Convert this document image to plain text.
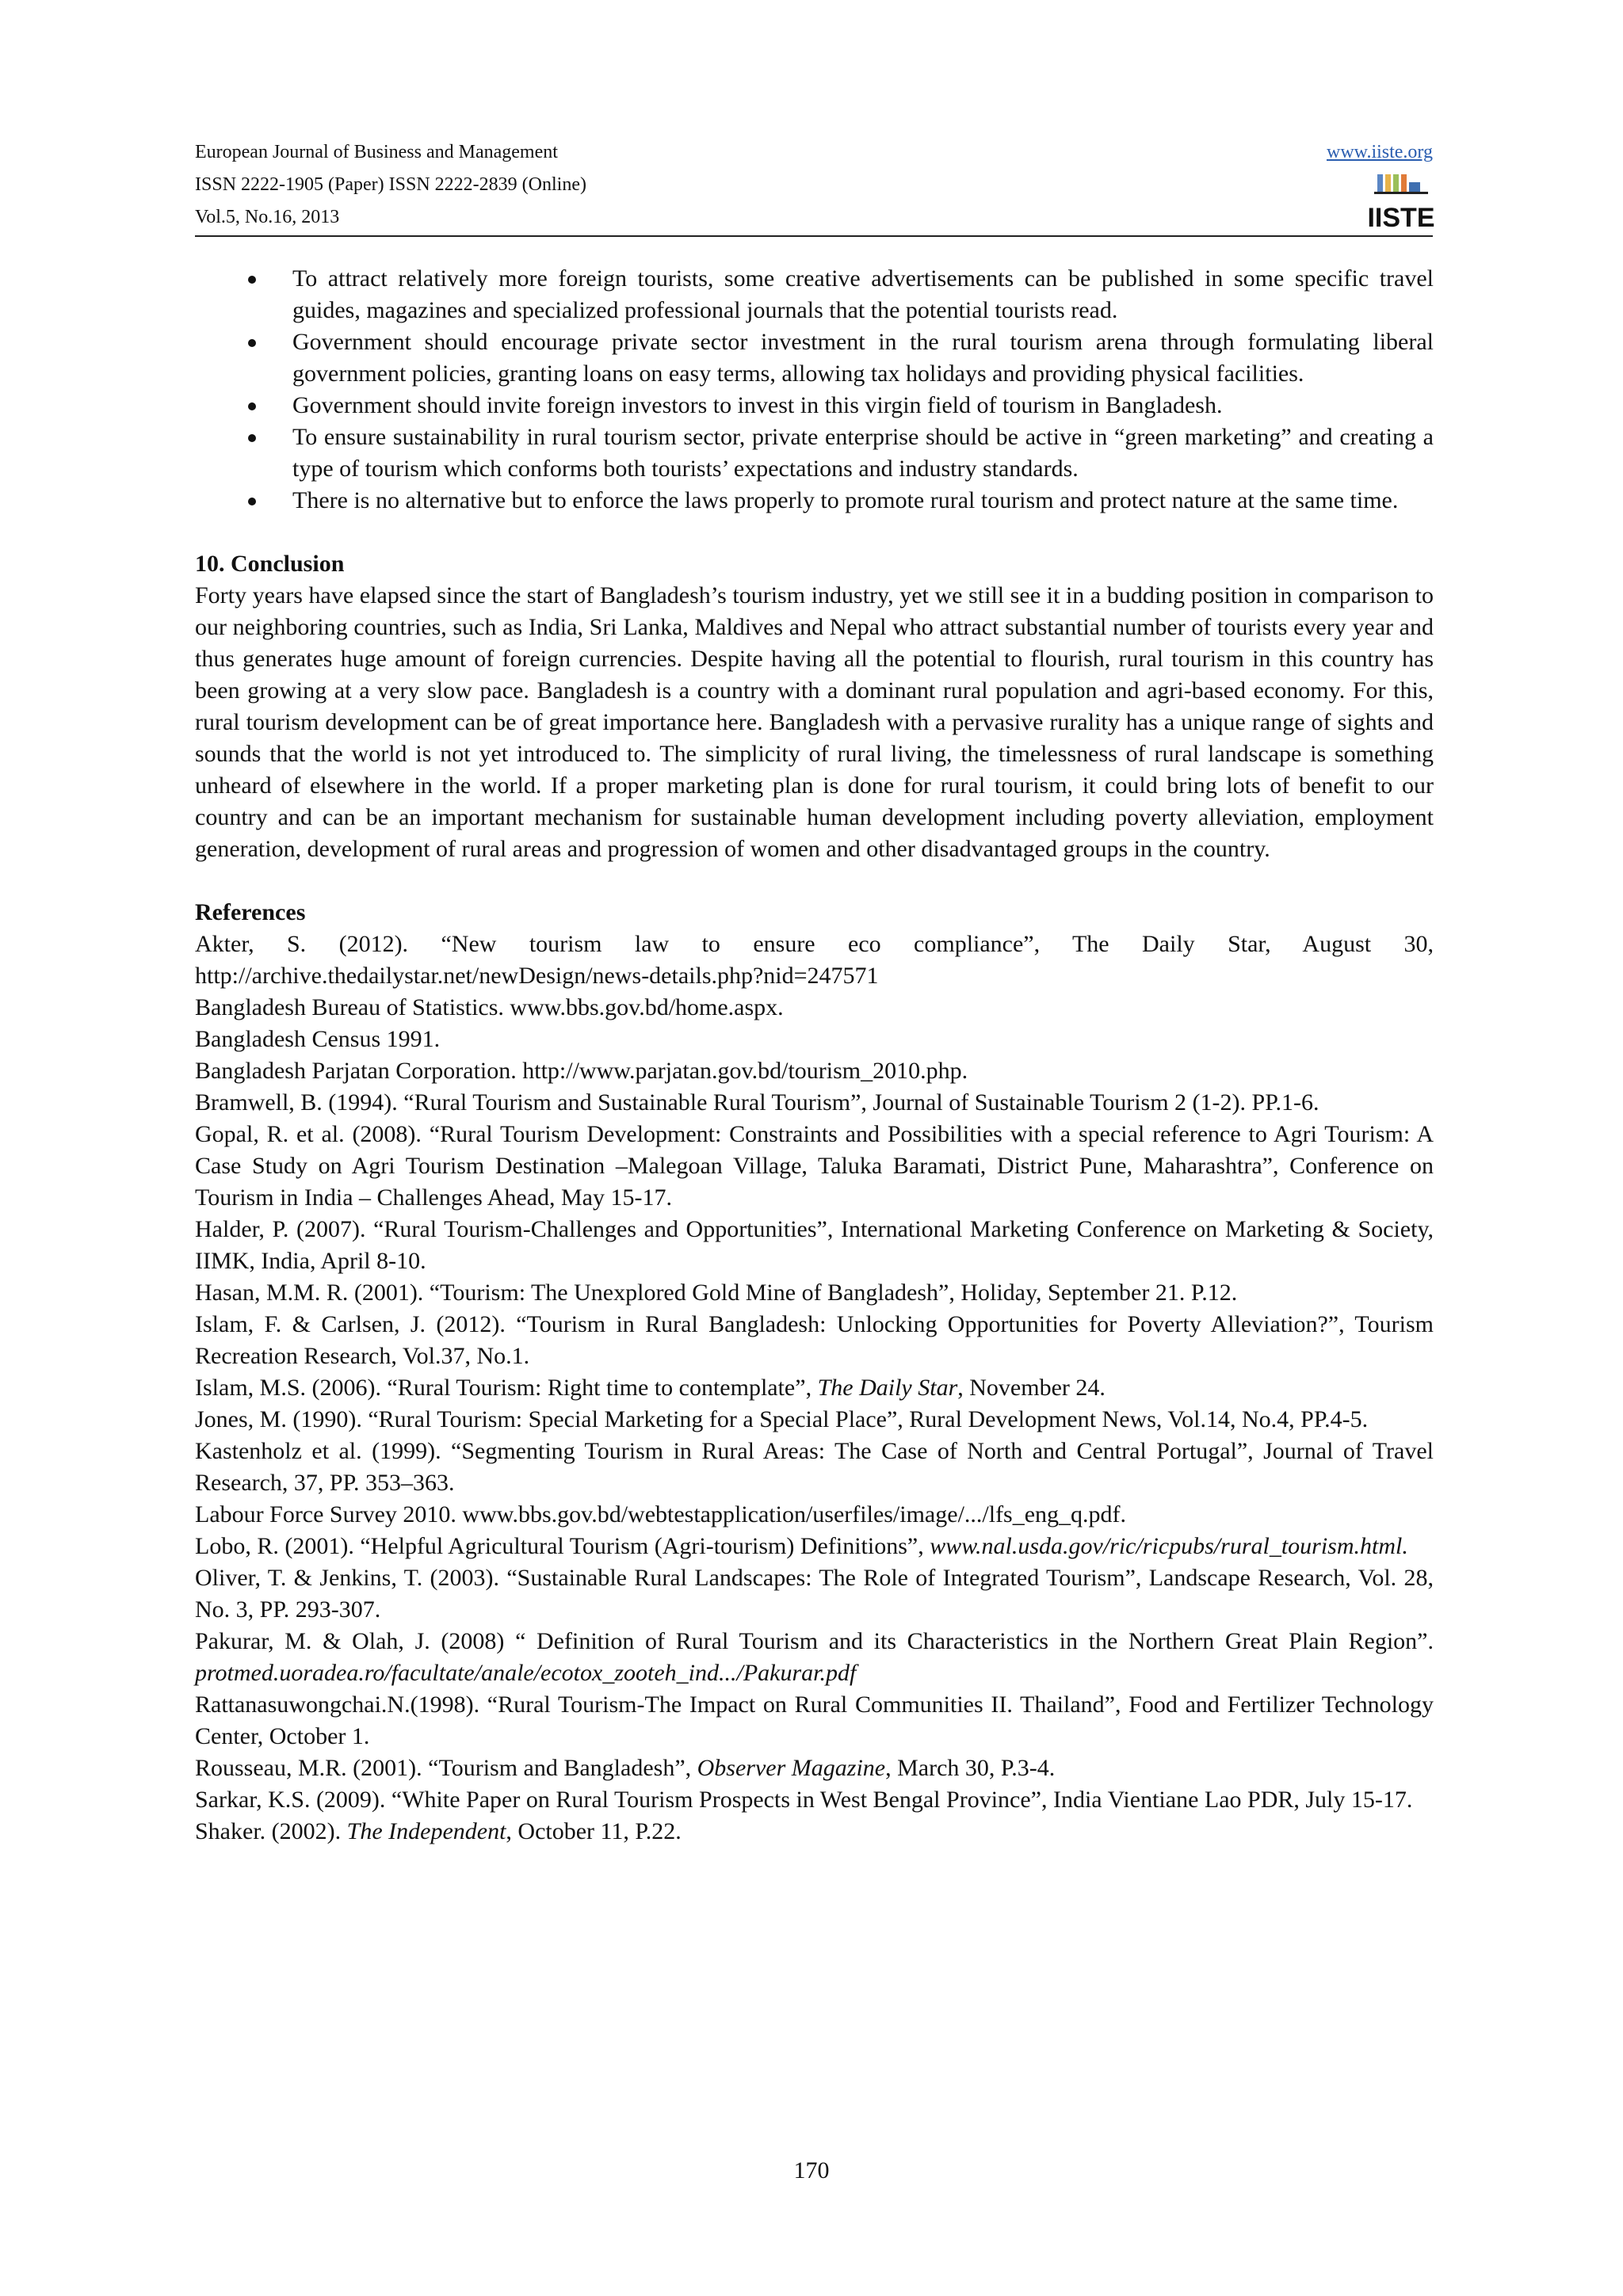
European Journal of Business and Management
ISSN 2222-1905 (Paper) ISSN 2222-2839 (Online)
Vol.5, No.16, 2013
www.iiste.org
IISTE
To attract relatively more foreign tourists, some creative advertisements can be published in some specific travel guides, magazines and specialized professional journals that the potential tourists read.
Government should encourage private sector investment in the rural tourism arena through formulating liberal government policies, granting loans on easy terms, allowing tax holidays and providing physical facilities.
Government should invite foreign investors to invest in this virgin field of tourism in Bangladesh.
To ensure sustainability in rural tourism sector, private enterprise should be active in “green marketing” and creating a type of tourism which conforms both tourists’ expectations and industry standards.
There is no alternative but to enforce the laws properly to promote rural tourism and protect nature at the same time.
10. Conclusion

Forty years have elapsed since the start of Bangladesh’s tourism industry, yet we still see it in a budding position in comparison to our neighboring countries, such as India, Sri Lanka, Maldives and Nepal who attract substantial number of tourists every year and thus generates huge amount of foreign currencies. Despite having all the potential to flourish, rural tourism in this country has been growing at a very slow pace. Bangladesh is a country with a dominant rural population and agri-based economy. For this, rural tourism development can be of great importance here. Bangladesh with a pervasive rurality has a unique range of sights and sounds that the world is not yet introduced to. The simplicity of rural living, the timelessness of rural landscape is something unheard of elsewhere in the world. If a proper marketing plan is done for rural tourism, it could bring lots of benefit to our country and can be an important mechanism for sustainable human development including poverty alleviation, employment generation, development of rural areas and progression of women and other disadvantaged groups in the country.

References

Akter, S. (2012). “New tourism law to ensure eco compliance”, The Daily Star, August 30, http://archive.thedailystar.net/newDesign/news-details.php?nid=247571

Bangladesh Bureau of Statistics. www.bbs.gov.bd/home.aspx.

Bangladesh Census 1991.

Bangladesh Parjatan Corporation. http://www.parjatan.gov.bd/tourism_2010.php.

Bramwell, B. (1994). “Rural Tourism and Sustainable Rural Tourism”, Journal of Sustainable Tourism 2 (1-2). PP.1-6.

Gopal, R. et al. (2008). “Rural Tourism Development: Constraints and Possibilities with a special reference to Agri Tourism: A Case Study on Agri Tourism Destination –Malegoan Village, Taluka Baramati, District Pune, Maharashtra”, Conference on Tourism in India – Challenges Ahead, May 15-17.

Halder, P. (2007). “Rural Tourism-Challenges and Opportunities”, International Marketing Conference on Marketing & Society, IIMK, India, April 8-10.

Hasan, M.M. R. (2001). “Tourism: The Unexplored Gold Mine of Bangladesh”, Holiday, September 21. P.12.

Islam, F. & Carlsen, J. (2012). “Tourism in Rural Bangladesh: Unlocking Opportunities for Poverty Alleviation?”, Tourism Recreation Research, Vol.37, No.1.

Islam, M.S. (2006). “Rural Tourism: Right time to contemplate”, The Daily Star, November 24.

Jones, M. (1990). “Rural Tourism: Special Marketing for a Special Place”, Rural Development News, Vol.14, No.4, PP.4-5.

Kastenholz et al. (1999). “Segmenting Tourism in Rural Areas: The Case of North and Central Portugal”, Journal of Travel Research, 37, PP. 353–363.

Labour Force Survey 2010. www.bbs.gov.bd/webtestapplication/userfiles/image/.../lfs_eng_q.pdf.

Lobo, R. (2001). “Helpful Agricultural Tourism (Agri-tourism) Definitions”, www.nal.usda.gov/ric/ricpubs/rural_tourism.html.

Oliver, T. & Jenkins, T. (2003). “Sustainable Rural Landscapes: The Role of Integrated Tourism”, Landscape Research, Vol. 28, No. 3, PP. 293-307.

Pakurar, M. & Olah, J. (2008) “ Definition of Rural Tourism and its Characteristics in the Northern Great Plain Region”. protmed.uoradea.ro/facultate/anale/ecotox_zooteh_ind.../Pakurar.pdf

Rattanasuwongchai.N.(1998). “Rural Tourism-The Impact on Rural Communities II. Thailand”, Food and Fertilizer Technology Center, October 1.

Rousseau, M.R. (2001). “Tourism and Bangladesh”, Observer Magazine, March 30, P.3-4.

Sarkar, K.S. (2009). “White Paper on Rural Tourism Prospects in West Bengal Province”, India Vientiane Lao PDR, July 15-17.

Shaker. (2002). The Independent, October 11, P.22.

170
